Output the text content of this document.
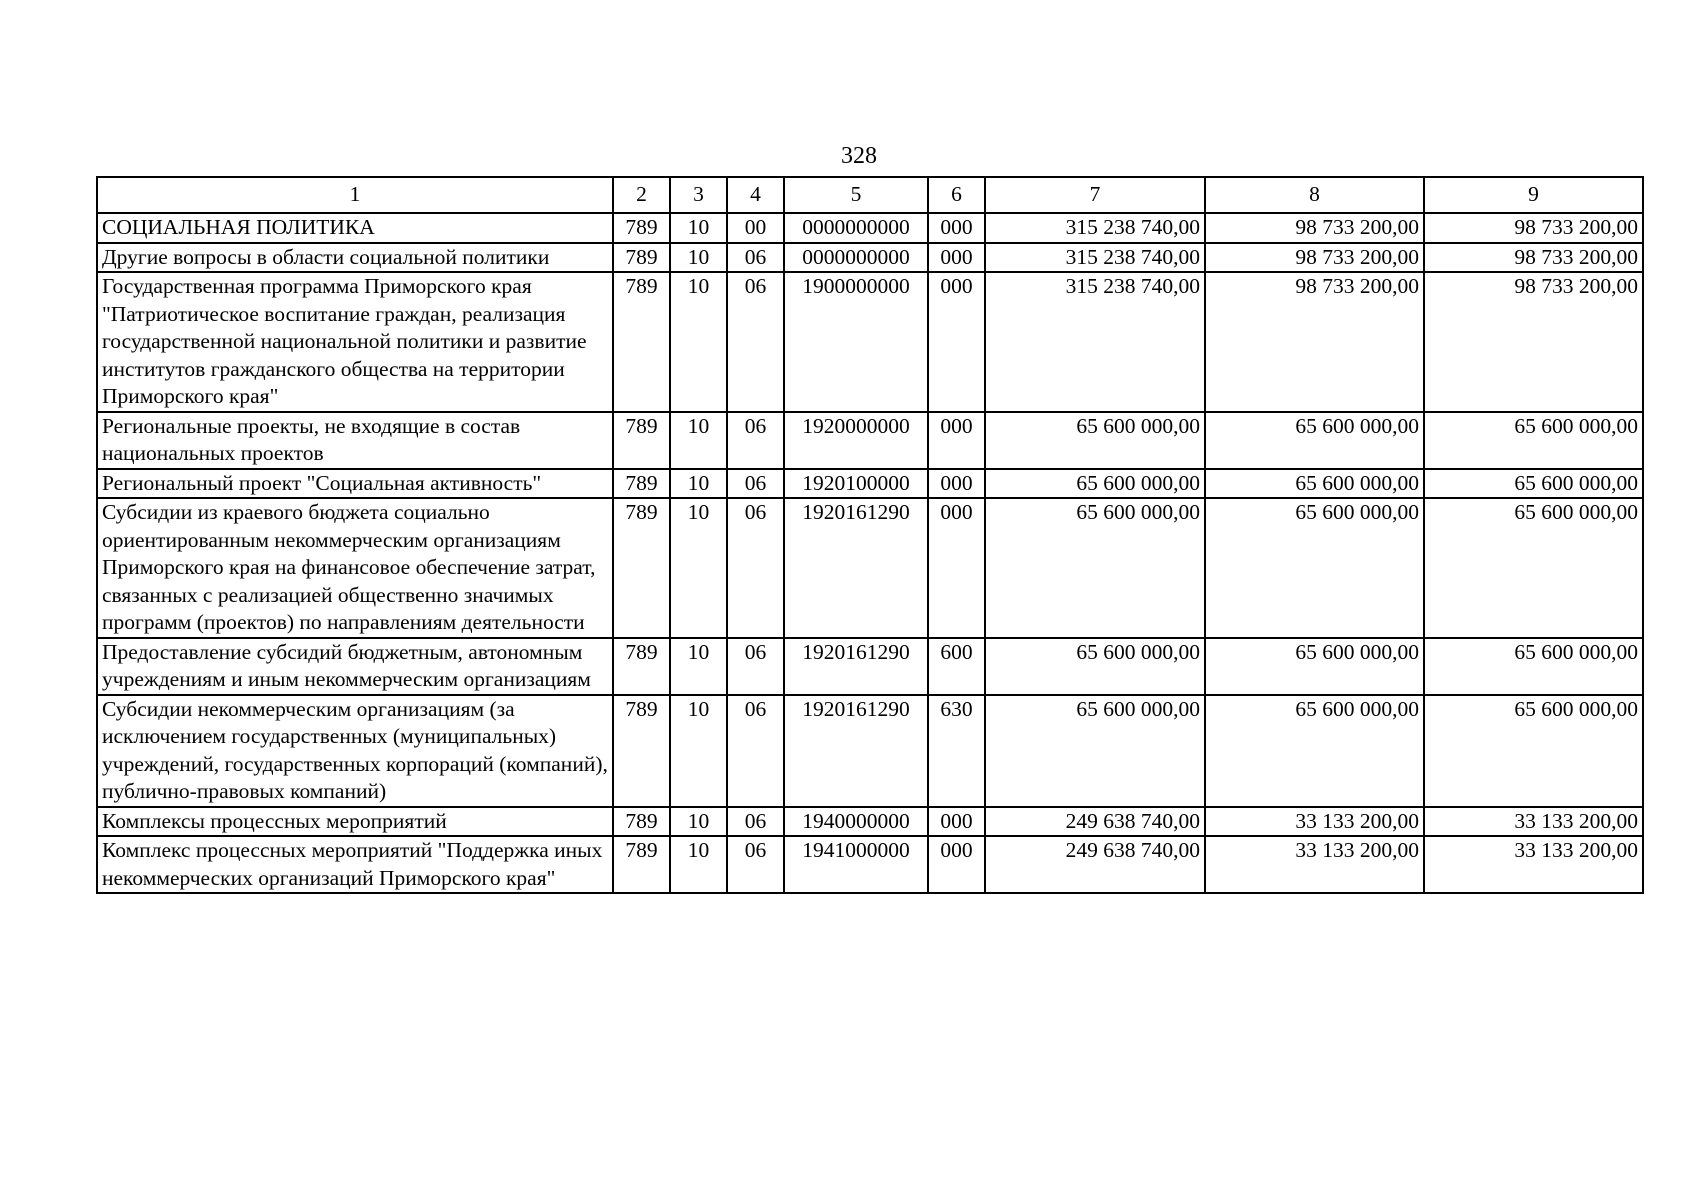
328
1	2	3	4	5	6	7	8	9
СОЦИАЛЬНАЯ ПОЛИТИКА	789	10	00	0000000000	000	315 238 740,00	98 733 200,00	98 733 200,00
Другие вопросы в области социальной политики	789	10	06	0000000000	000	315 238 740,00	98 733 200,00	98 733 200,00
Государственная программа Приморского края "Патриотическое воспитание граждан, реализация государственной национальной политики и развитие институтов гражданского общества на территории Приморского края"	789	10	06	1900000000	000	315 238 740,00	98 733 200,00	98 733 200,00
Региональные проекты, не входящие в состав национальных проектов	789	10	06	1920000000	000	65 600 000,00	65 600 000,00	65 600 000,00
Региональный проект "Социальная активность"	789	10	06	1920100000	000	65 600 000,00	65 600 000,00	65 600 000,00
Субсидии из краевого бюджета социально ориентированным некоммерческим организациям Приморского края на финансовое обеспечение затрат, связанных с реализацией общественно значимых программ (проектов) по направлениям деятельности	789	10	06	1920161290	000	65 600 000,00	65 600 000,00	65 600 000,00
Предоставление субсидий бюджетным, автономным учреждениям и иным некоммерческим организациям	789	10	06	1920161290	600	65 600 000,00	65 600 000,00	65 600 000,00
Субсидии некоммерческим организациям (за исключением государственных (муниципальных) учреждений, государственных корпораций (компаний), публично-правовых компаний)	789	10	06	1920161290	630	65 600 000,00	65 600 000,00	65 600 000,00
Комплексы процессных мероприятий	789	10	06	1940000000	000	249 638 740,00	33 133 200,00	33 133 200,00
Комплекс процессных мероприятий "Поддержка иных некоммерческих организаций Приморского края"	789	10	06	1941000000	000	249 638 740,00	33 133 200,00	33 133 200,00
